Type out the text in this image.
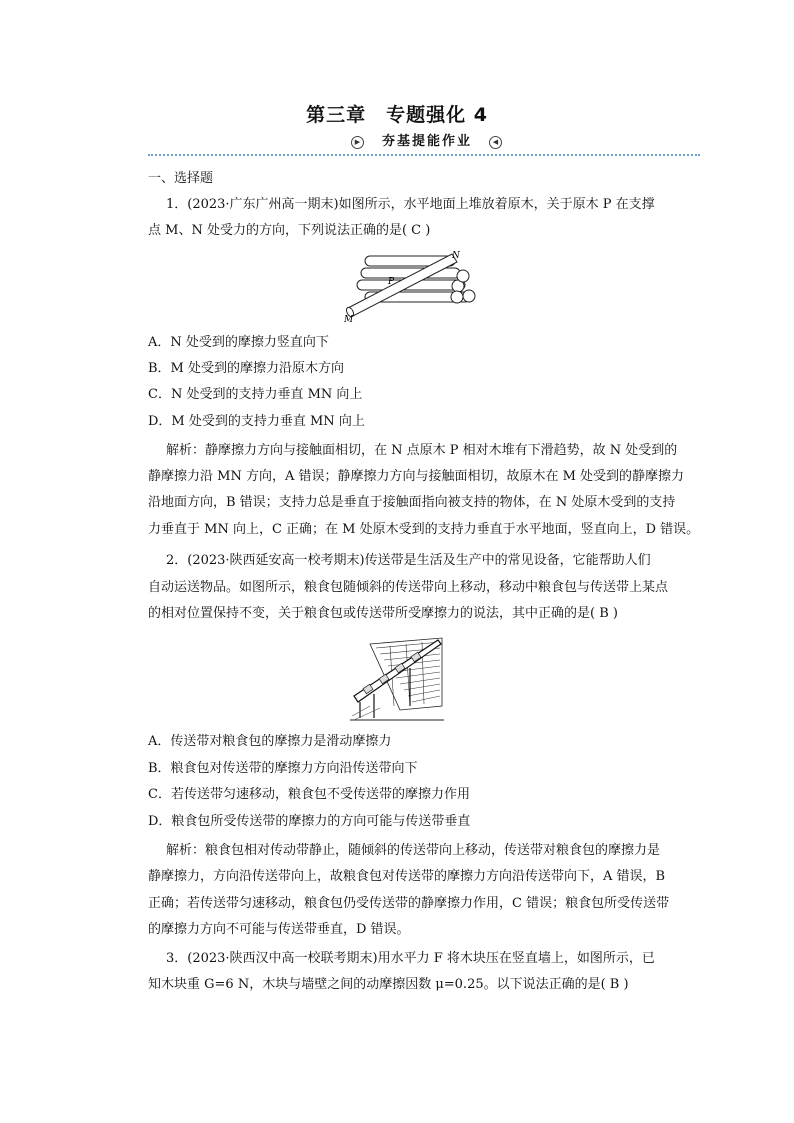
第三章　专题强化 4
▶	夯基提能作业	◀
一、选择题
1．(2023·广东广州高一期末)如图所示，水平地面上堆放着原木，关于原木 P 在支撑
点 M、N 处受力的方向，下列说法正确的是( C )
N
P
M
A．N 处受到的摩擦力竖直向下
B．M 处受到的摩擦力沿原木方向
C．N 处受到的支持力垂直 MN 向上
D．M 处受到的支持力垂直 MN 向上
解析：静摩擦力方向与接触面相切，在 N 点原木 P 相对木堆有下滑趋势，故 N 处受到的
静摩擦力沿 MN 方向，A 错误；静摩擦力方向与接触面相切，故原木在 M 处受到的静摩擦力
沿地面方向，B 错误；支持力总是垂直于接触面指向被支持的物体，在 N 处原木受到的支持
力垂直于 MN 向上，C 正确；在 M 处原木受到的支持力垂直于水平地面，竖直向上，D 错误。
2．(2023·陕西延安高一校考期末)传送带是生活及生产中的常见设备，它能帮助人们
自动运送物品。如图所示，粮食包随倾斜的传送带向上移动，移动中粮食包与传送带上某点
的相对位置保持不变，关于粮食包或传送带所受摩擦力的说法，其中正确的是( B )
A．传送带对粮食包的摩擦力是滑动摩擦力
B．粮食包对传送带的摩擦力方向沿传送带向下
C．若传送带匀速移动，粮食包不受传送带的摩擦力作用
D．粮食包所受传送带的摩擦力的方向可能与传送带垂直
解析：粮食包相对传动带静止，随倾斜的传送带向上移动，传送带对粮食包的摩擦力是
静摩擦力，方向沿传送带向上，故粮食包对传送带的摩擦力方向沿传送带向下，A 错误，B
正确；若传送带匀速移动，粮食包仍受传送带的静摩擦力作用，C 错误；粮食包所受传送带
的摩擦力方向不可能与传送带垂直，D 错误。
3．(2023·陕西汉中高一校联考期末)用水平力 F 将木块压在竖直墙上，如图所示，已
知木块重 G=6 N，木块与墙壁之间的动摩擦因数 μ=0.25。以下说法正确的是( B )
